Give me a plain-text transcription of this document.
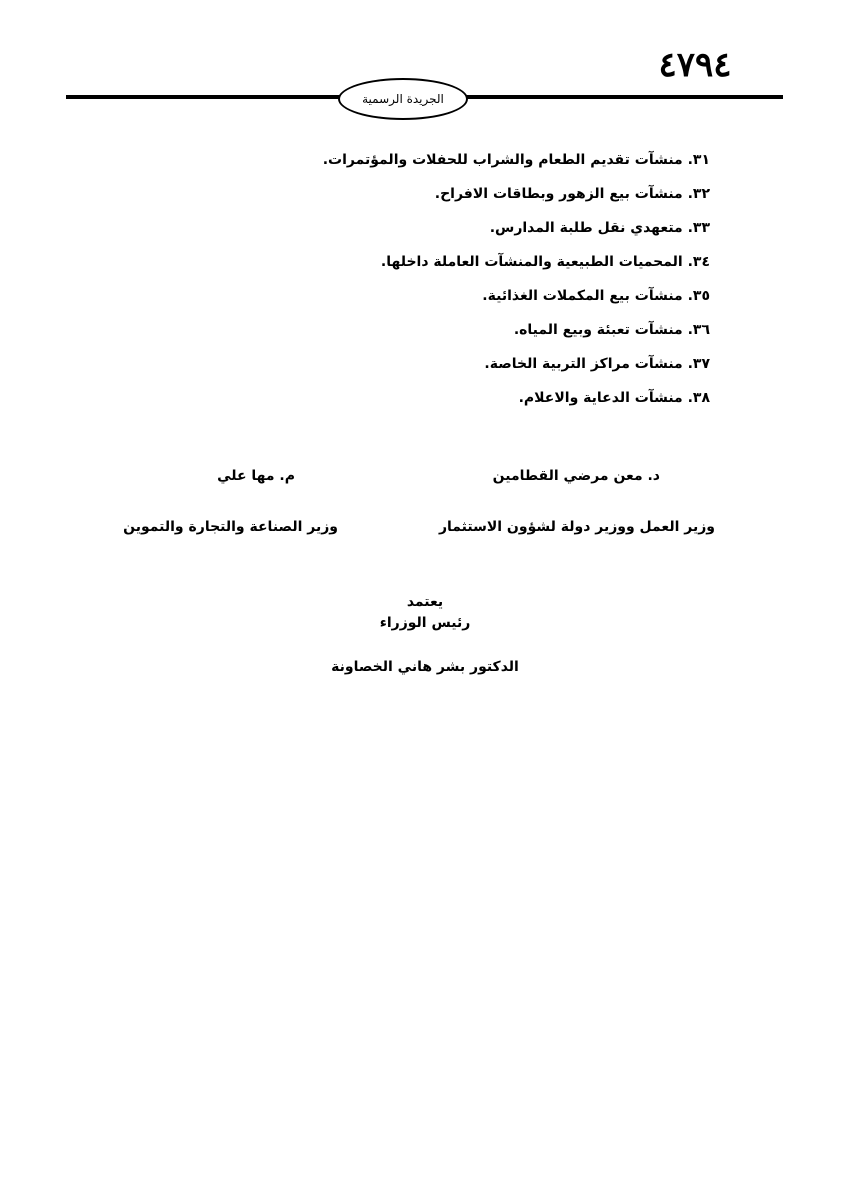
٤٧٩٤
الجريدة الرسمية
٣١. منشآت تقديم الطعام والشراب للحفلات والمؤتمرات.
٣٢. منشآت بيع الزهور وبطاقات الافراح.
٣٣. متعهدي نقل طلبة المدارس.
٣٤. المحميات الطبيعية والمنشآت العاملة داخلها.
٣٥. منشآت بيع المكملات الغذائية.
٣٦. منشآت تعبئة وبيع المياه.
٣٧. منشآت مراكز التربية الخاصة.
٣٨. منشآت الدعاية والاعلام.
د. معن مرضي القطامين
م. مها علي
وزير العمل ووزير دولة لشؤون الاستثمار
وزير الصناعة والتجارة والتموين
يعتمد
رئيس الوزراء
الدكتور بشر هاني الخصاونة
